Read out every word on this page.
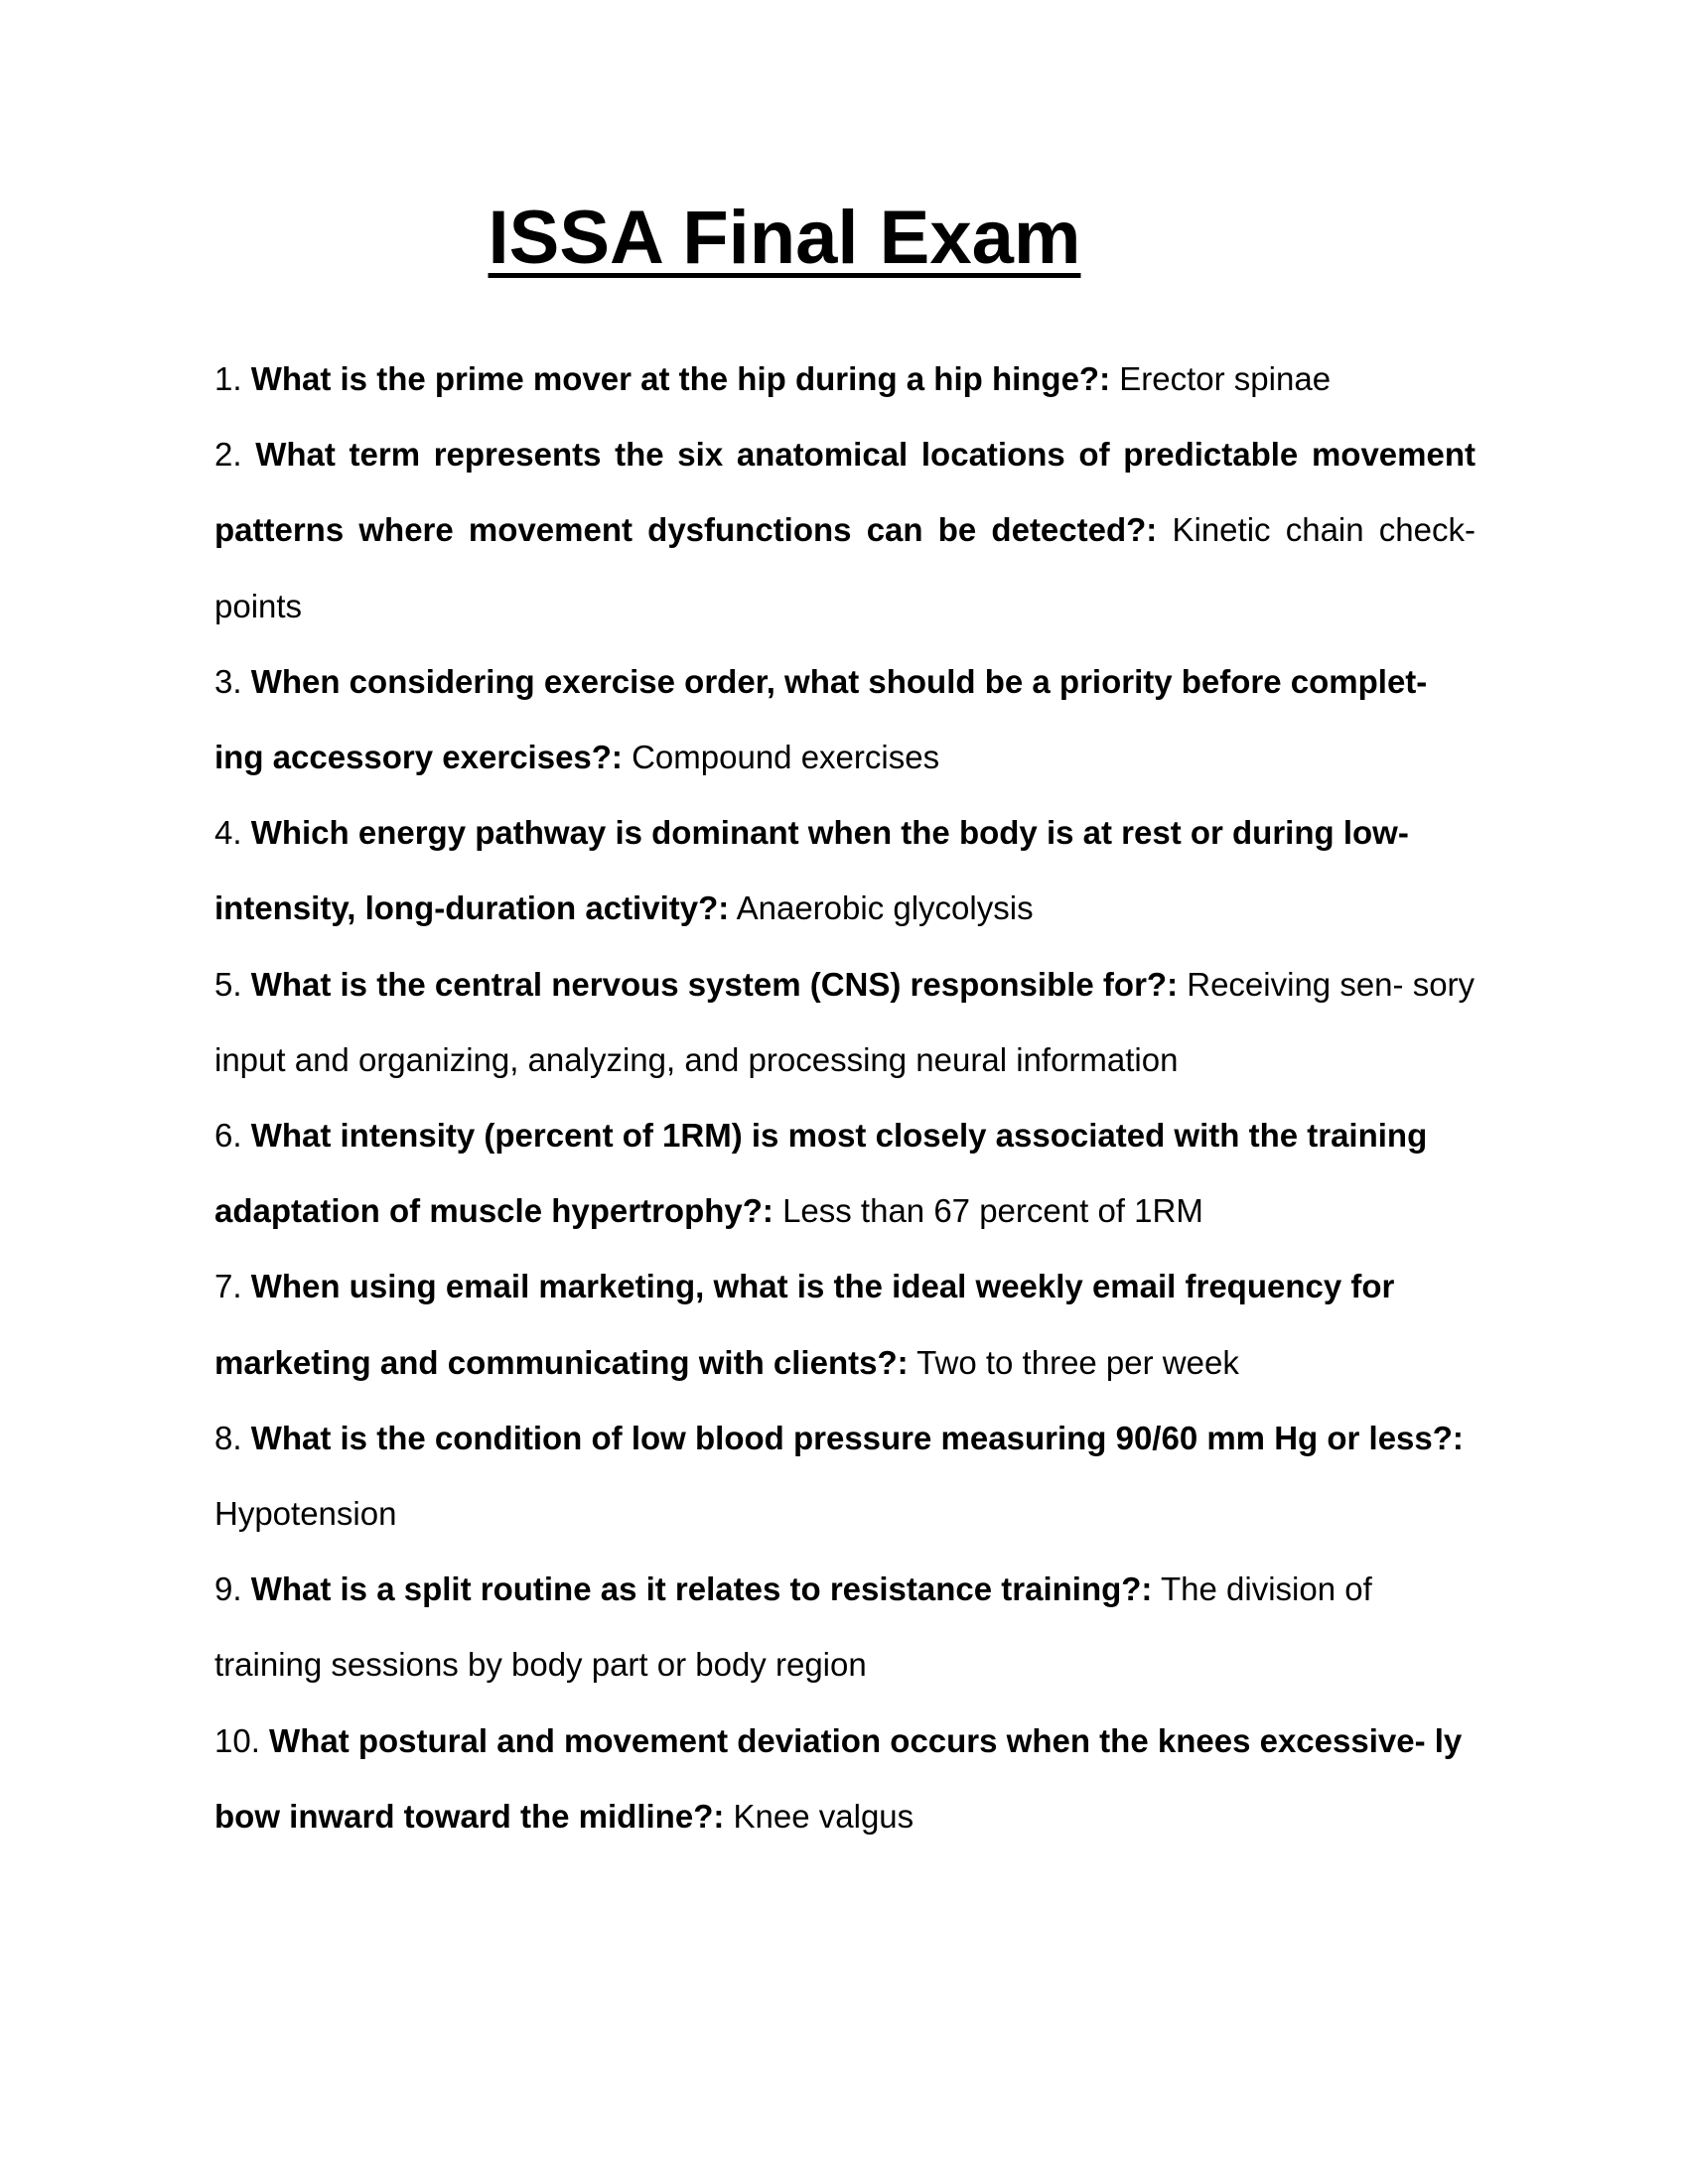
ISSA Final Exam
1. What is the prime mover at the hip during a hip hinge?: Erector spinae
2. What term represents the six anatomical locations of predictable movement patterns where movement dysfunctions can be detected?: Kinetic chain check- points
3. When considering exercise order, what should be a priority before complet- ing accessory exercises?: Compound exercises
4. Which energy pathway is dominant when the body is at rest or during low-intensity, long-duration activity?: Anaerobic glycolysis
5. What is the central nervous system (CNS) responsible for?: Receiving sen- sory input and organizing, analyzing, and processing neural information
6. What intensity (percent of 1RM) is most closely associated with the training adaptation of muscle hypertrophy?: Less than 67 percent of 1RM
7. When using email marketing, what is the ideal weekly email frequency for marketing and communicating with clients?: Two to three per week
8. What is the condition of low blood pressure measuring 90/60 mm Hg or less?: Hypotension
9. What is a split routine as it relates to resistance training?: The division of training sessions by body part or body region
10. What postural and movement deviation occurs when the knees excessive- ly bow inward toward the midline?: Knee valgus
